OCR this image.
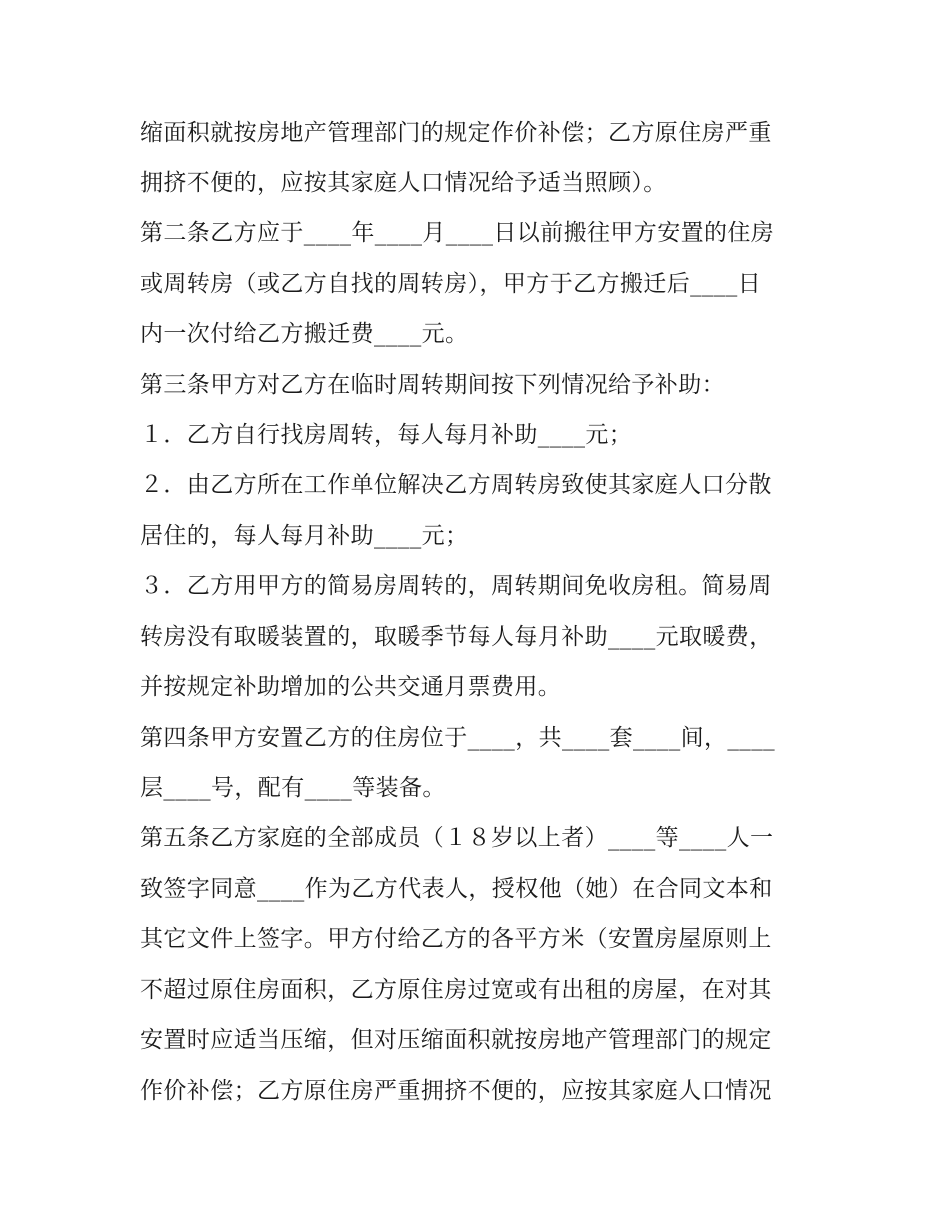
缩面积就按房地产管理部门的规定作价补偿；乙方原住房严重
拥挤不便的，应按其家庭人口情况给予适当照顾）。
第二条乙方应于____年____月____日以前搬往甲方安置的住房
或周转房（或乙方自找的周转房），甲方于乙方搬迁后____日
内一次付给乙方搬迁费____元。
第三条甲方对乙方在临时周转期间按下列情况给予补助：
１．乙方自行找房周转，每人每月补助____元；
２．由乙方所在工作单位解决乙方周转房致使其家庭人口分散
居住的，每人每月补助____元；
３．乙方用甲方的简易房周转的，周转期间免收房租。简易周
转房没有取暖装置的，取暖季节每人每月补助____元取暖费，
并按规定补助增加的公共交通月票费用。
第四条甲方安置乙方的住房位于____，共____套____间，____
层____号，配有____等装备。
第五条乙方家庭的全部成员（１８岁以上者）____等____人一
致签字同意____作为乙方代表人，授权他（她）在合同文本和
其它文件上签字。甲方付给乙方的各平方米（安置房屋原则上
不超过原住房面积，乙方原住房过宽或有出租的房屋，在对其
安置时应适当压缩，但对压缩面积就按房地产管理部门的规定
作价补偿；乙方原住房严重拥挤不便的，应按其家庭人口情况
